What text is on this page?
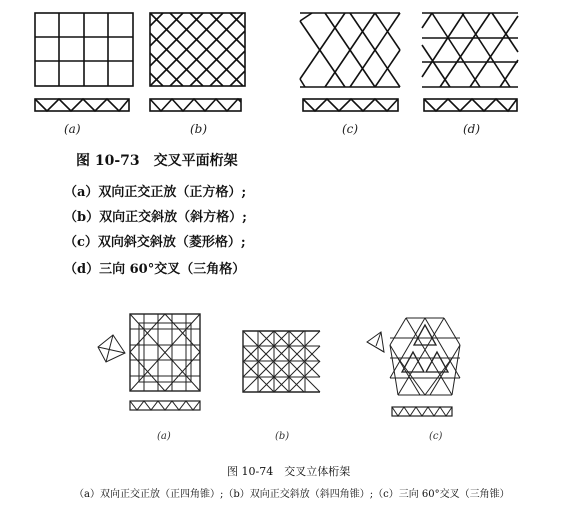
(a)	(b)	(c)	(d)
图 10-73　交叉平面桁架
（a）双向正交正放（正方格）;
（b）双向正交斜放（斜方格）;
（c）双向斜交斜放（菱形格）;
（d）三向 60°交叉（三角格）
(a)	(b)	(c)
图 10-74　交叉立体桁架
（a）双向正交正放（正四角锥）;（b）双向正交斜放（斜四角锥）;（c）三向 60°交叉（三角锥）
